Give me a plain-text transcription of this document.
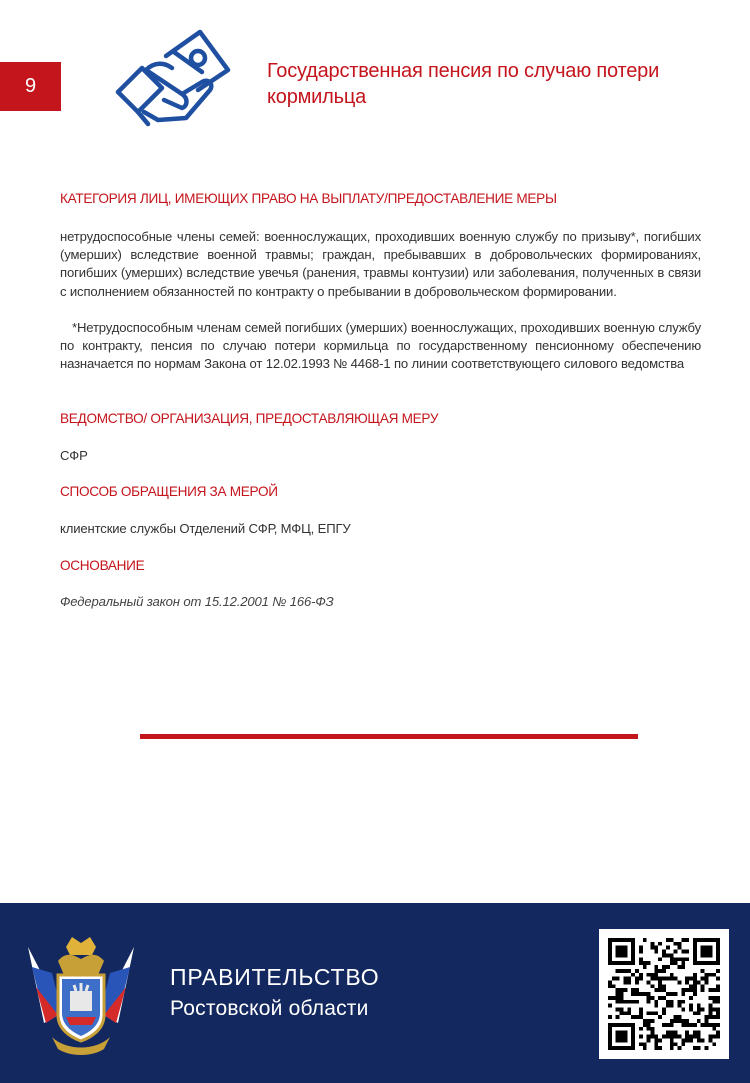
9
Государственная пенсия по случаю потери
кормильца
КАТЕГОРИЯ ЛИЦ, ИМЕЮЩИХ ПРАВО НА ВЫПЛАТУ/ПРЕДОСТАВЛЕНИЕ МЕРЫ
нетрудоспособные члены семей: военнослужащих, проходивших военную службу по призыву*, погибших (умерших) вследствие военной травмы; граждан, пребывавших в добровольческих формированиях, погибших (умерших) вследствие увечья (ранения, травмы контузии) или заболевания, полученных в связи с исполнением обязанностей по контракту о пребывании в добровольческом формировании.
*Нетрудоспособным членам семей погибших (умерших) военнослужащих, проходивших военную службу по контракту, пенсия по случаю потери кормильца по государственному пенсионному обеспечению назначается по нормам Закона от 12.02.1993 № 4468-1 по линии соответствующего силового ведомства
ВЕДОМСТВО/ ОРГАНИЗАЦИЯ, ПРЕДОСТАВЛЯЮЩАЯ МЕРУ
СФР
СПОСОБ ОБРАЩЕНИЯ ЗА МЕРОЙ
клиентские службы Отделений СФР, МФЦ, ЕПГУ
ОСНОВАНИЕ
Федеральный закон от 15.12.2001 № 166-ФЗ
ПРАВИТЕЛЬСТВО
Ростовской области
